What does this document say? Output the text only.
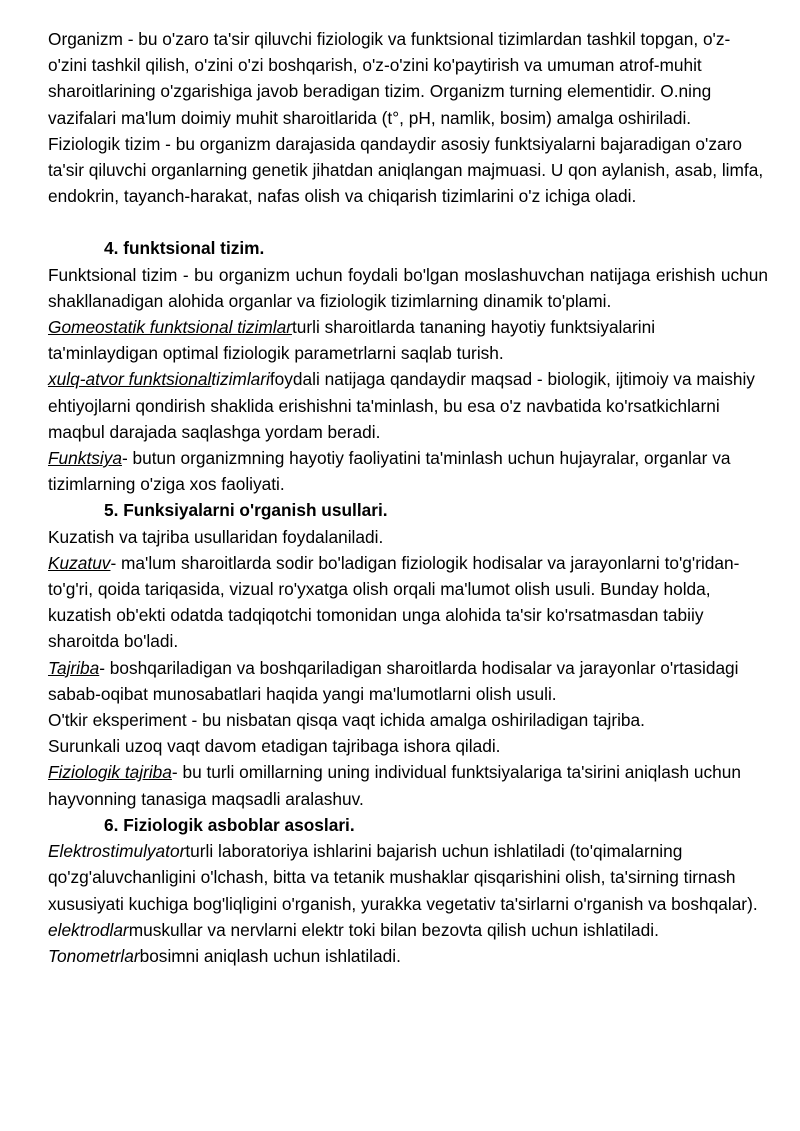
Organizm - bu o'zaro ta'sir qiluvchi fiziologik va funktsional tizimlardan tashkil topgan, o'z-o'zini tashkil qilish, o'zini o'zi boshqarish, o'z-o'zini ko'paytirish va umuman atrof-muhit sharoitlarining o'zgarishiga javob beradigan tizim. Organizm turning elementidir. O.ning vazifalari ma'lum doimiy muhit sharoitlarida (t°, pH, namlik, bosim) amalga oshiriladi.

Fiziologik tizim - bu organizm darajasida qandaydir asosiy funktsiyalarni bajaradigan o'zaro ta'sir qiluvchi organlarning genetik jihatdan aniqlangan majmuasi. U qon aylanish, asab, limfa, endokrin, tayanch-harakat, nafas olish va chiqarish tizimlarini o'z ichiga oladi.

4. funktsional tizim.

Funktsional tizim - bu organizm uchun foydali bo'lgan moslashuvchan natijaga erishish uchun shakllanadigan alohida organlar va fiziologik tizimlarning dinamik to'plami.

Gomeostatik funktsional tizimlarturli sharoitlarda tananing hayotiy funktsiyalarini ta'minlaydigan optimal fiziologik parametrlarni saqlab turish.

xulq-atvor funktsionaltizimlarifoydali natijaga qandaydir maqsad - biologik, ijtimoiy va maishiy ehtiyojlarni qondirish shaklida erishishni ta'minlash, bu esa o'z navbatida ko'rsatkichlarni maqbul darajada saqlashga yordam beradi.

Funktsiya- butun organizmning hayotiy faoliyatini ta'minlash uchun hujayralar, organlar va tizimlarning o'ziga xos faoliyati.

5. Funksiyalarni o'rganish usullari.

Kuzatish va tajriba usullaridan foydalaniladi.

Kuzatuv- ma'lum sharoitlarda sodir bo'ladigan fiziologik hodisalar va jarayonlarni to'g'ridan-to'g'ri, qoida tariqasida, vizual ro'yxatga olish orqali ma'lumot olish usuli. Bunday holda, kuzatish ob'ekti odatda tadqiqotchi tomonidan unga alohida ta'sir ko'rsatmasdan tabiiy sharoitda bo'ladi.

Tajriba- boshqariladigan va boshqariladigan sharoitlarda hodisalar va jarayonlar o'rtasidagi sabab-oqibat munosabatlari haqida yangi ma'lumotlarni olish usuli.

O'tkir eksperiment - bu nisbatan qisqa vaqt ichida amalga oshiriladigan tajriba.

Surunkali uzoq vaqt davom etadigan tajribaga ishora qiladi.

Fiziologik tajriba- bu turli omillarning uning individual funktsiyalariga ta'sirini aniqlash uchun hayvonning tanasiga maqsadli aralashuv.

6. Fiziologik asboblar asoslari.

Elektrostimulyatorturli laboratoriya ishlarini bajarish uchun ishlatiladi (to'qimalarning qo'zg'aluvchanligini o'lchash, bitta va tetanik mushaklar qisqarishini olish, ta'sirning tirnash xususiyati kuchiga bog'liqligini o'rganish, yurakka vegetativ ta'sirlarni o'rganish va boshqalar).

elektrodlarmuskullar va nervlarni elektr toki bilan bezovta qilish uchun ishlatiladi.

Tonometrlarbosimni aniqlash uchun ishlatiladi.
